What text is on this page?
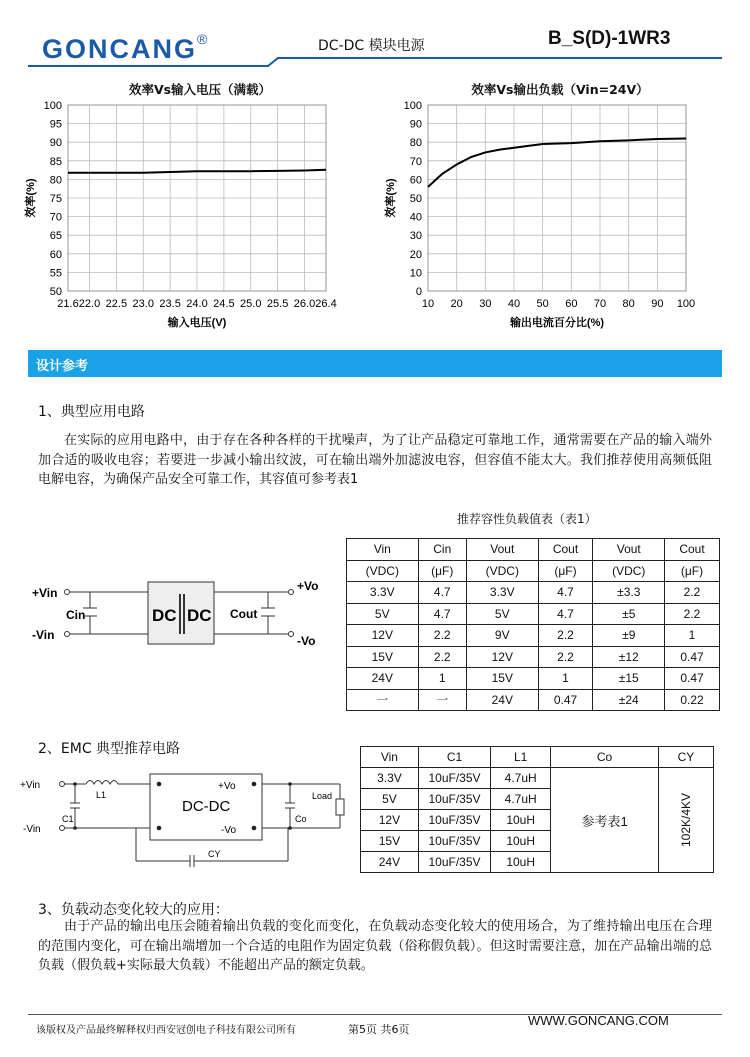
GONCANG®	DC-DC 模块电源	B_S(D)-1WR3
效率Vs输入电压（满载）
50
55
60
65
70
75
80
85
90
95
100
21.6 22.0 22.5 23.0 23.5 24.0 24.5 25.0 25.5 26.0 26.4
输入电压(V)
效率(%)
效率Vs输出负载（Vin=24V）
0
10
20
30
40
50
60
70
80
90
100
10 20 30 40 50 60 70 80 90 100
输出电流百分比(%)
效率(%)
设计参考
1、典型应用电路
在实际的应用电路中，由于存在各种各样的干扰噪声，为了让产品稳定可靠地工作，通常需要在产品的输入端外加合适的吸收电容；若要进一步减小输出纹波，可在输出端外加滤波电容，但容值不能太大。我们推荐使用高频低阻电解电容，为确保产品安全可靠工作，其容值可参考表1
推荐容性负载值表（表1）
+Vin
-Vin
Cin	DC DC Cout
+Vo
-Vo
Vin	Cin	Vout	Cout	Vout	Cout
(VDC)	(μF)	(VDC)	(μF)	(VDC)	(μF)
3.3V	4.7	3.3V	4.7	±3.3	2.2
5V	4.7	5V	4.7	±5	2.2
12V	2.2	9V	2.2	±9	1
15V	2.2	12V	2.2	±12	0.47
24V	1	15V	1	±15	0.47
一	一	24V	0.47	±24	0.22
2、EMC 典型推荐电路
+Vin
-Vin
L1
C1
DC-DC
+Vo
-Vo
Co
Load
CY
Vin	C1	L1	Co	CY
3.3V	10uF/35V	4.7uH	参考表1	102K/4KV

5V	10uF/35V	4.7uH		
12V	10uF/35V	10uH		
15V	10uF/35V	10uH		
24V	10uF/35V	10uH		
3、负载动态变化较大的应用：
由于产品的输出电压会随着输出负载的变化而变化，在负载动态变化较大的使用场合，为了维持输出电压在合理的范围内变化，可在输出端增加一个合适的电阻作为固定负载（俗称假负载）。但这时需要注意，加在产品输出端的总负载（假负载+实际最大负载）不能超出产品的额定负载。
该版权及产品最终解释权归西安冠创电子科技有限公司所有	第5页 共6页
WWW.GONCANG.COM
